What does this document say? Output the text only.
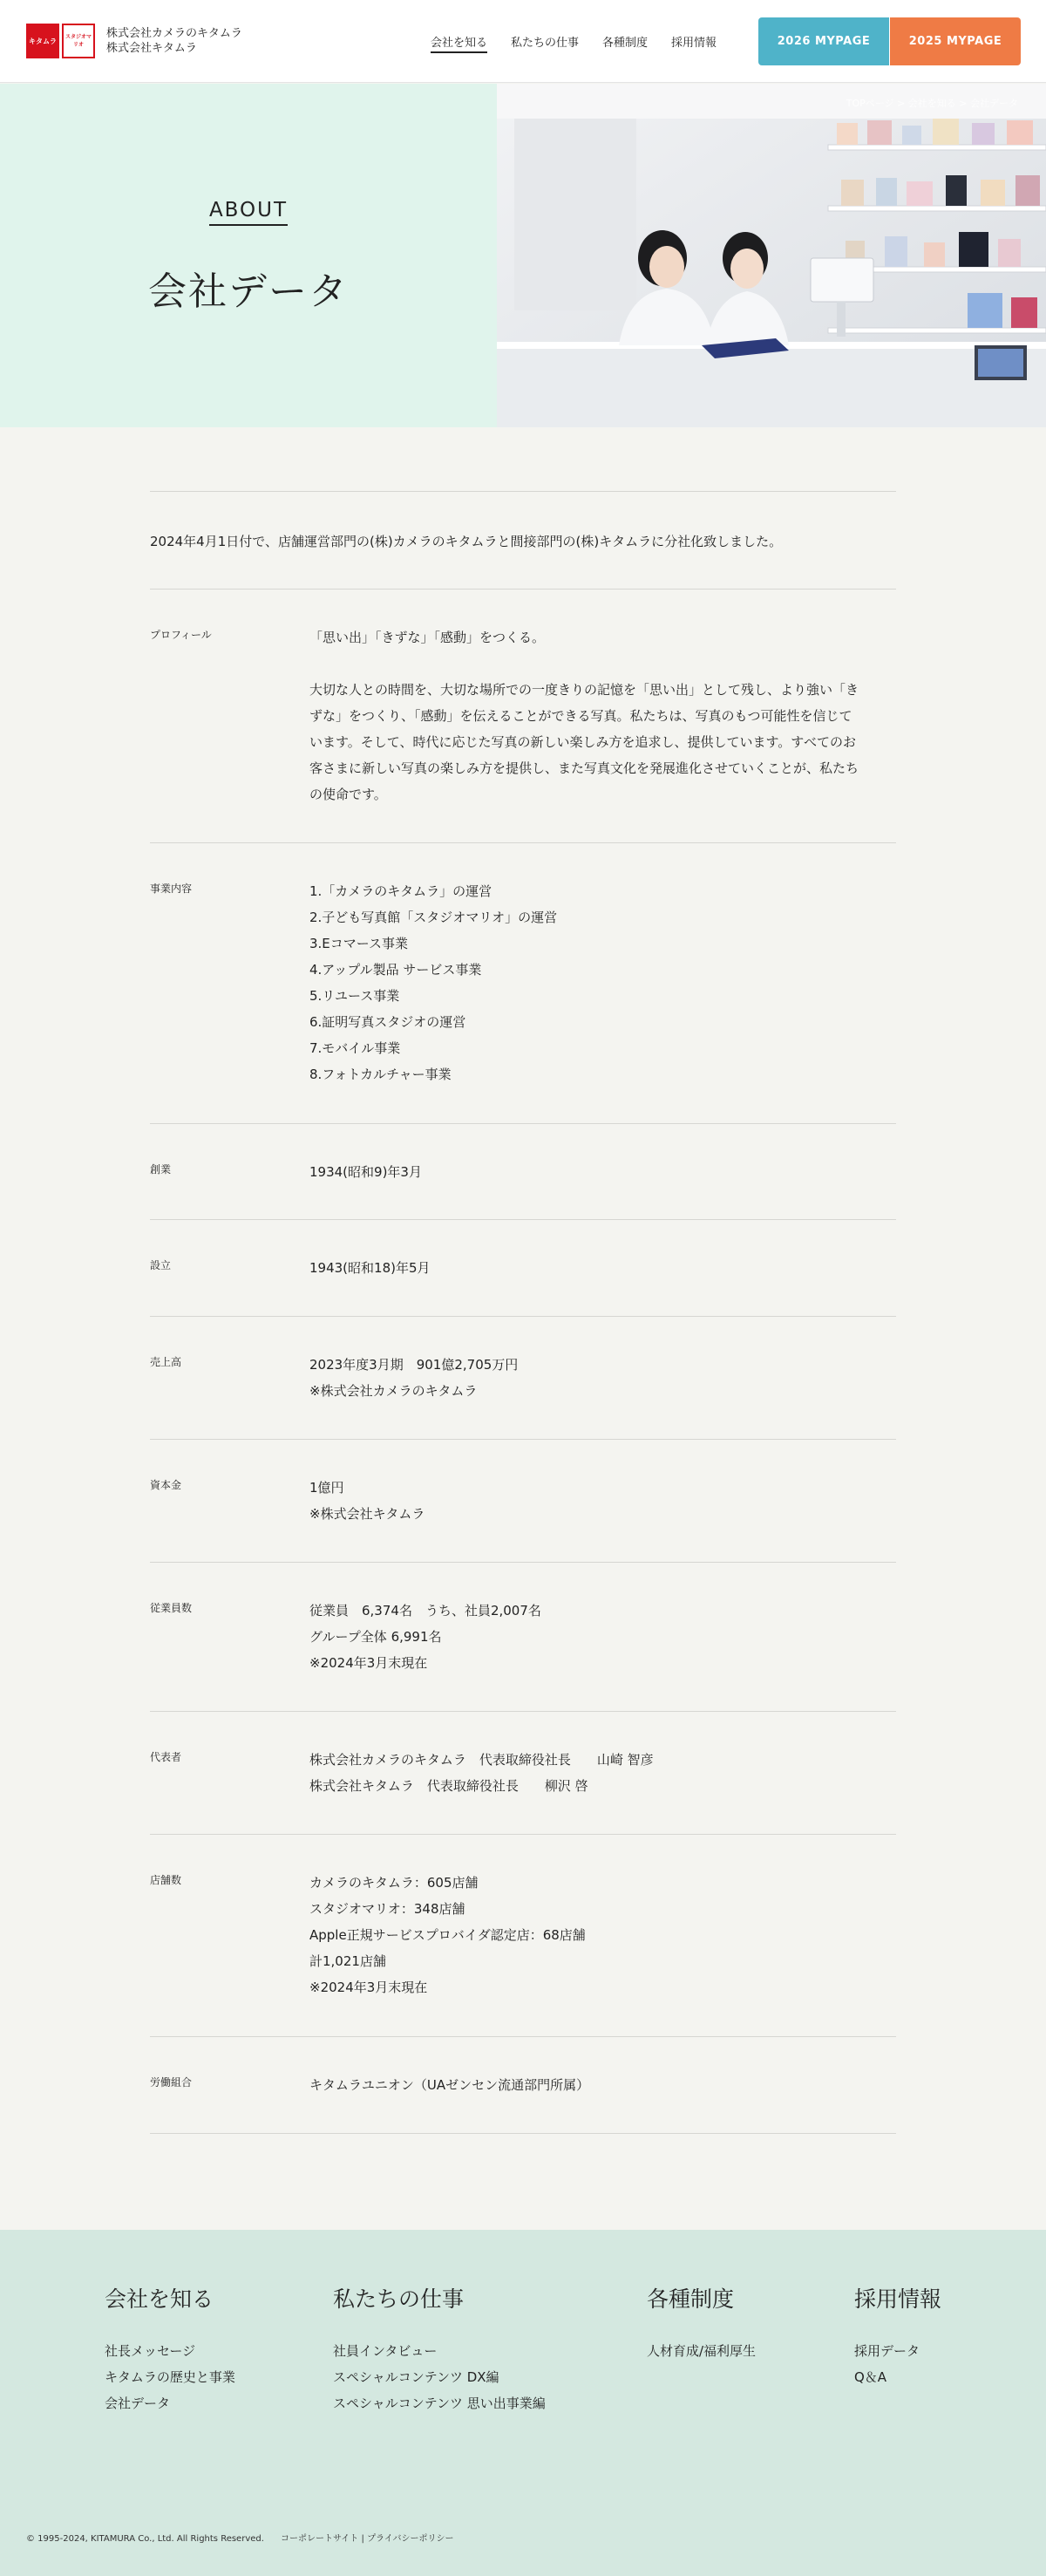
キタムラ スタジオマリオ
株式会社カメラのキタムラ
株式会社キタムラ	会社を知る 私たちの仕事 各種制度 採用情報	2026 MYPAGE	2025 MYPAGE
ABOUT
会社データ
TOPページ > 会社を知る > 会社データ

2024年4月1日付で、店舗運営部門の(株)カメラのキタムラと間接部門の(株)キタムラに分社化致しました。

プロフィール	「思い出」「きずな」「感動」をつくる。

大切な人との時間を、大切な場所での一度きりの記憶を「思い出」として残し、より強い「き

ずな」をつくり、「感動」を伝えることができる写真。私たちは、写真のもつ可能性を信じて

います。そして、時代に応じた写真の新しい楽しみ方を追求し、提供しています。すべてのお

客さまに新しい写真の楽しみ方を提供し、また写真文化を発展進化させていくことが、私たち

の使命です。

事業内容	1.「カメラのキタムラ」の運営

2.子ども写真館「スタジオマリオ」の運営

3.Eコマース事業

4.アップル製品 サービス事業

5.リユース事業

6.証明写真スタジオの運営

7.モバイル事業

8.フォトカルチャー事業

創業	1934(昭和9)年3月

設立	1943(昭和18)年5月

売上高	2023年度3月期　901億2,705万円

※株式会社カメラのキタムラ

資本金	1億円

※株式会社キタムラ

従業員数	従業員　6,374名　うち、社員2,007名

グループ全体 6,991名

※2024年3月末現在

代表者	株式会社カメラのキタムラ　代表取締役社長　　山崎 智彦

株式会社キタムラ　代表取締役社長　　柳沢 啓

店舗数	カメラのキタムラ：605店舗

スタジオマリオ：348店舗

Apple正規サービスプロバイダ認定店：68店舗

計1,021店舗

※2024年3月末現在

労働組合	キタムラユニオン（UAゼンセン流通部門所属）

会社を知る
社長メッセージ
キタムラの歴史と事業
会社データ
私たちの仕事
社員インタビュー
スペシャルコンテンツ DX編
スペシャルコンテンツ 思い出事業編
各種制度
人材育成/福利厚生
採用情報
採用データ
Q＆A
© 1995-2024, KITAMURA Co., Ltd. All Rights Reserved. コーポレートサイト | プライバシーポリシー
